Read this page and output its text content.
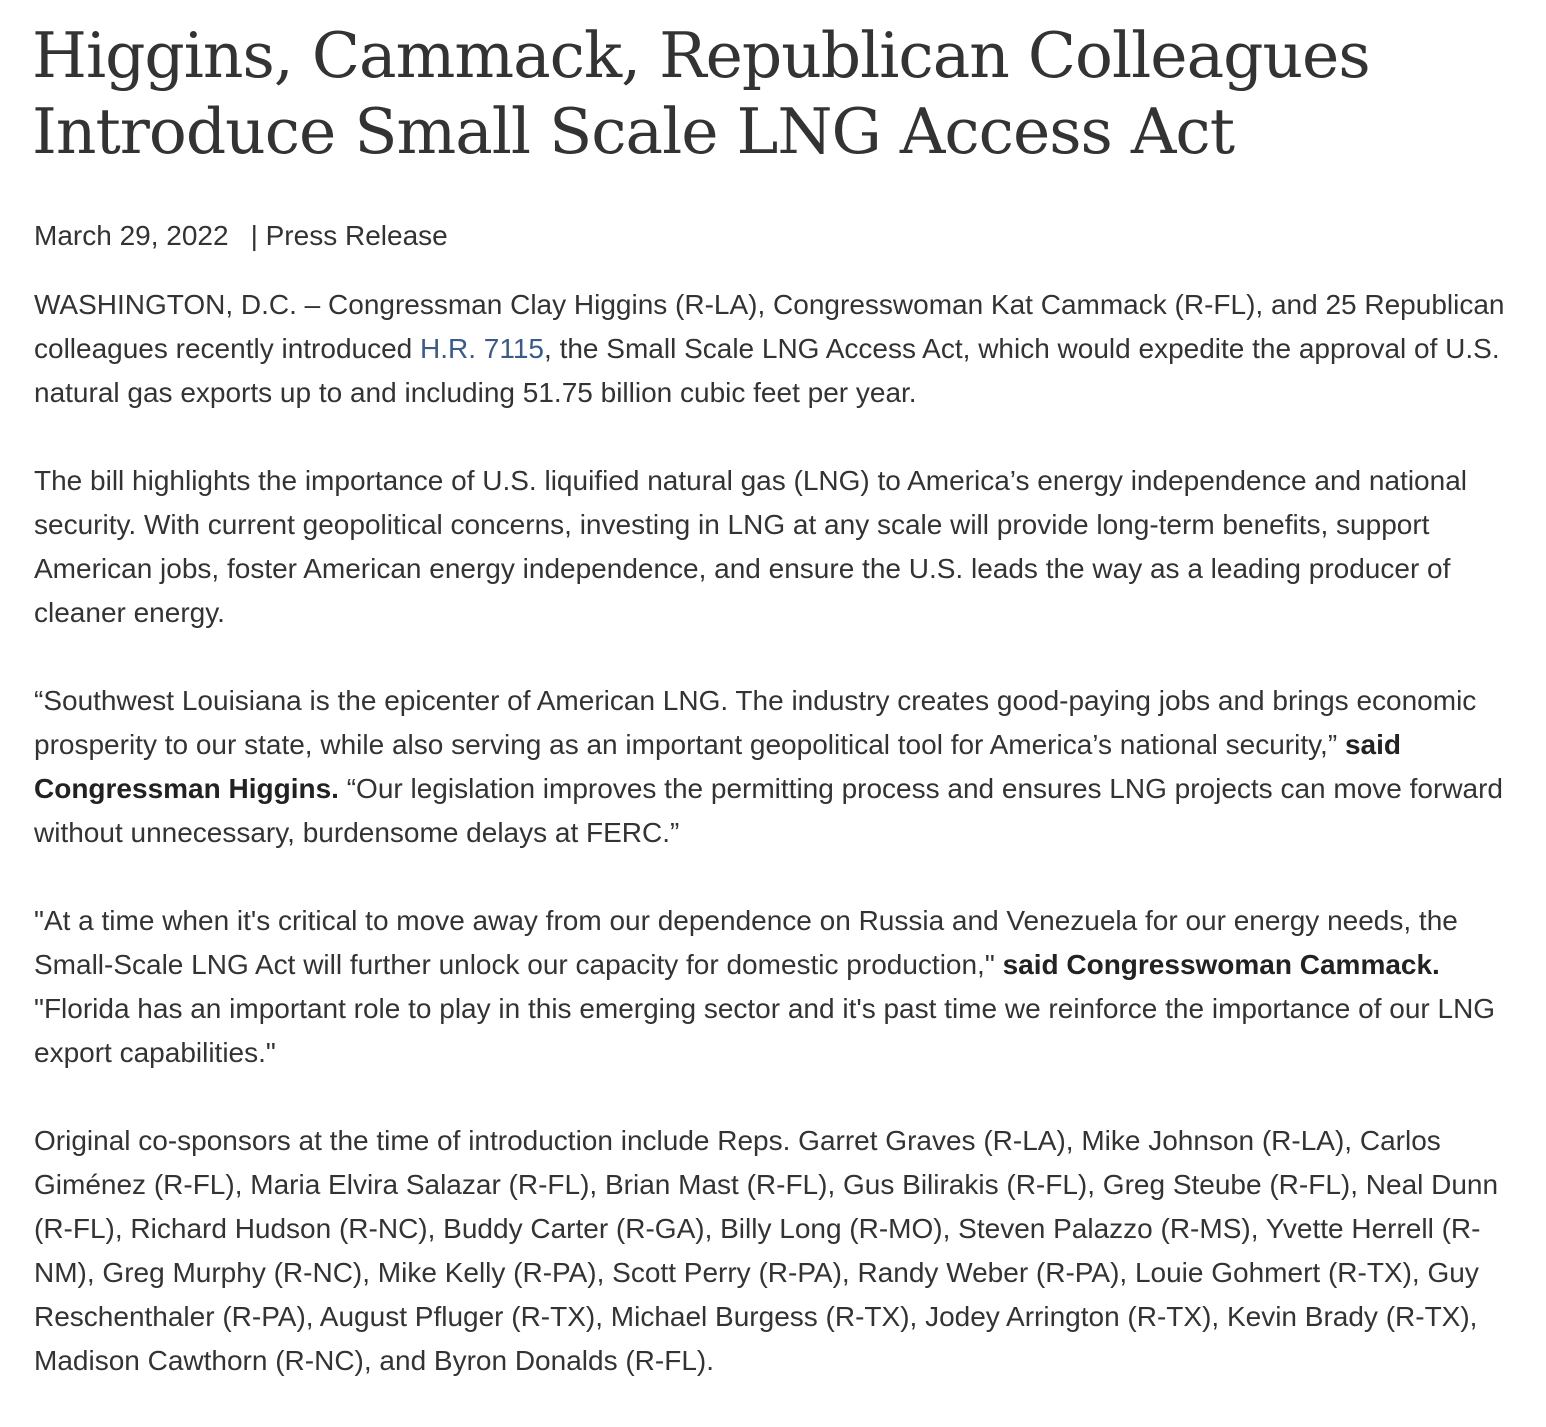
Higgins, Cammack, Republican Colleagues Introduce Small Scale LNG Access Act
March 29, 2022 | Press Release

WASHINGTON, D.C. – Congressman Clay Higgins (R-LA), Congresswoman Kat Cammack (R-FL), and 25 Republican colleagues recently introduced H.R. 7115, the Small Scale LNG Access Act, which would expedite the approval of U.S. natural gas exports up to and including 51.75 billion cubic feet per year.

The bill highlights the importance of U.S. liquified natural gas (LNG) to America’s energy independence and national security. With current geopolitical concerns, investing in LNG at any scale will provide long-term benefits, support American jobs, foster American energy independence, and ensure the U.S. leads the way as a leading producer of cleaner energy.

“Southwest Louisiana is the epicenter of American LNG. The industry creates good-paying jobs and brings economic prosperity to our state, while also serving as an important geopolitical tool for America’s national security,” said Congressman Higgins. “Our legislation improves the permitting process and ensures LNG projects can move forward without unnecessary, burdensome delays at FERC.”

"At a time when it's critical to move away from our dependence on Russia and Venezuela for our energy needs, the Small-Scale LNG Act will further unlock our capacity for domestic production," said Congresswoman Cammack. "Florida has an important role to play in this emerging sector and it's past time we reinforce the importance of our LNG export capabilities."

Original co-sponsors at the time of introduction include Reps. Garret Graves (R-LA), Mike Johnson (R-LA), Carlos Giménez (R-FL), Maria Elvira Salazar (R-FL), Brian Mast (R-FL), Gus Bilirakis (R-FL), Greg Steube (R-FL), Neal Dunn (R-FL), Richard Hudson (R-NC), Buddy Carter (R-GA), Billy Long (R-MO), Steven Palazzo (R-MS), Yvette Herrell (R-NM), Greg Murphy (R-NC), Mike Kelly (R-PA), Scott Perry (R-PA), Randy Weber (R-PA), Louie Gohmert (R-TX), Guy Reschenthaler (R-PA), August Pfluger (R-TX), Michael Burgess (R-TX), Jodey Arrington (R-TX), Kevin Brady (R-TX), Madison Cawthorn (R-NC), and Byron Donalds (R-FL).
